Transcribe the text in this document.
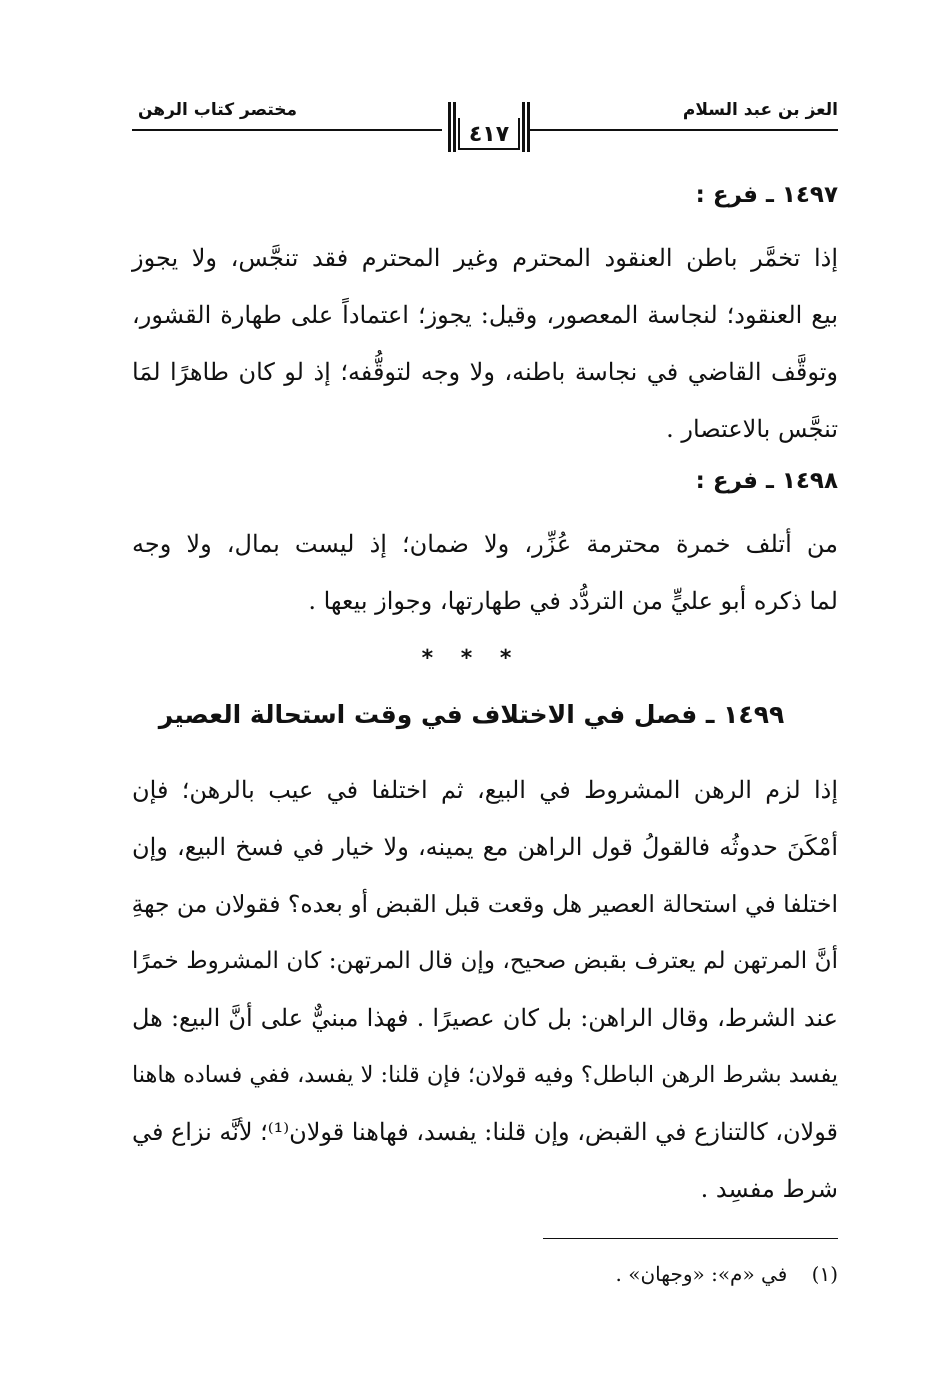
العز بن عبد السلام
مختصر كتاب الرهن
٤١٧
١٤٩٧ ـ فرع :
إذا تخمَّر باطن العنقود المحترم وغير المحترم فقد تنجَّس، ولا يجوز
بيع العنقود؛ لنجاسة المعصور، وقيل: يجوز؛ اعتماداً على طهارة القشور،
وتوقَّف القاضي في نجاسة باطنه، ولا وجه لتوقُّفه؛ إذ لو كان طاهرًا لمَا
تنجَّس بالاعتصار .
١٤٩٨ ـ فرع :
من أتلف خمرة محترمة عُزِّر، ولا ضمان؛ إذ ليست بمال، ولا وجه
لما ذكره أبو عليٍّ من التردُّد في طهارتها، وجواز بيعها .
* * *
١٤٩٩ ـ فصل في الاختلاف في وقت استحالة العصير
إذا لزم الرهن المشروط في البيع، ثم اختلفا في عيب بالرهن؛ فإن
أمْكَنَ حدوثُه فالقولُ قول الراهن مع يمينه، ولا خيار في فسخ البيع، وإن
اختلفا في استحالة العصير هل وقعت قبل القبض أو بعده؟ فقولان من جهةِ
أنَّ المرتهن لم يعترف بقبض صحيح، وإن قال المرتهن: كان المشروط خمرًا
عند الشرط، وقال الراهن: بل كان عصيرًا . فهذا مبنيٌّ على أنَّ البيع: هل
يفسد بشرط الرهن الباطل؟ وفيه قولان؛ فإن قلنا: لا يفسد، ففي فساده هاهنا
قولان، كالتنازع في القبض، وإن قلنا: يفسد، فهاهنا قولان⁽¹⁾؛ لأنَّه نزاع في
شرط مفسِد .
(١) في «م»: «وجهان» .
